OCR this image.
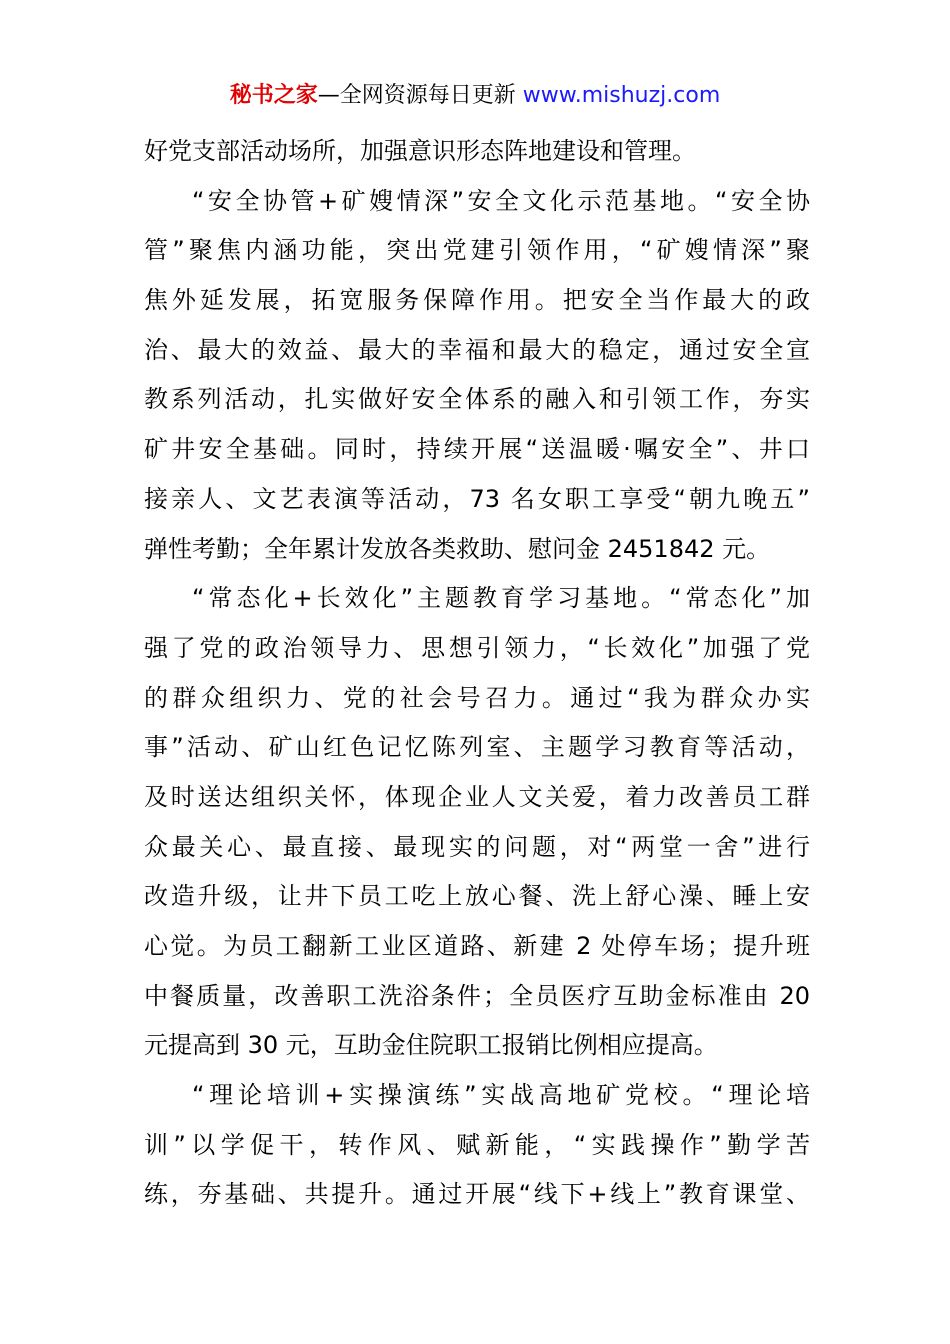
秘书之家—全网资源每日更新 www.mishuzj.com
好党支部活动场所，加强意识形态阵地建设和管理。
“安全协管+矿嫂情深”安全文化示范基地。“安全协
管”聚焦内涵功能，突出党建引领作用，“矿嫂情深”聚
焦外延发展，拓宽服务保障作用。把安全当作最大的政
治、最大的效益、最大的幸福和最大的稳定，通过安全宣
教系列活动，扎实做好安全体系的融入和引领工作，夯实
矿井安全基础。同时，持续开展“送温暖·嘱安全”、井口
接亲人、文艺表演等活动，73 名女职工享受“朝九晚五”
弹性考勤；全年累计发放各类救助、慰问金 2451842 元。
“常态化+长效化”主题教育学习基地。“常态化”加
强了党的政治领导力、思想引领力，“长效化”加强了党
的群众组织力、党的社会号召力。通过“我为群众办实
事”活动、矿山红色记忆陈列室、主题学习教育等活动，
及时送达组织关怀，体现企业人文关爱，着力改善员工群
众最关心、最直接、最现实的问题，对“两堂一舍”进行
改造升级，让井下员工吃上放心餐、洗上舒心澡、睡上安
心觉。为员工翻新工业区道路、新建 2 处停车场；提升班
中餐质量，改善职工洗浴条件；全员医疗互助金标准由 20
元提高到 30 元，互助金住院职工报销比例相应提高。
“理论培训+实操演练”实战高地矿党校。“理论培
训”以学促干，转作风、赋新能，“实践操作”勤学苦
练，夯基础、共提升。通过开展“线下+线上”教育课堂、
